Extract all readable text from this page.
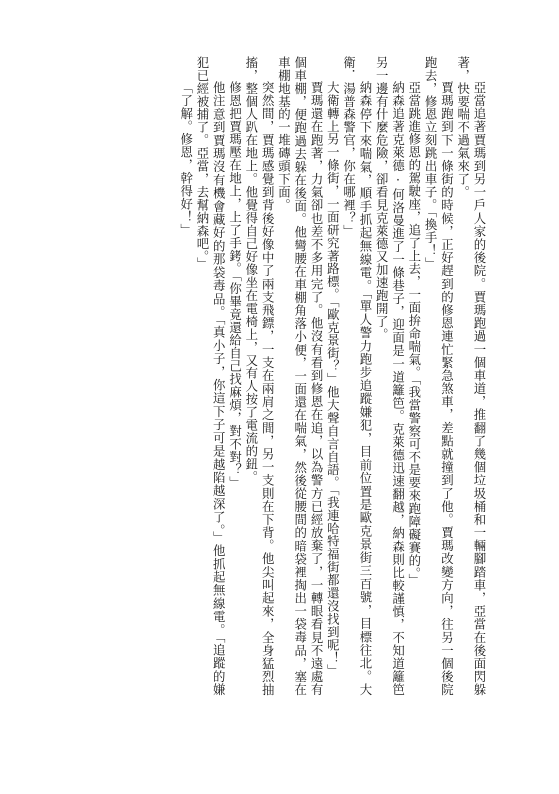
亞當追著賈瑪到另一戶人家的後院。賈瑪跑過一個車道，推翻了幾個垃圾桶和一輛腳踏車，亞當在後面閃躲著，快要喘不過氣來了。

賈瑪跑到下一條街的時候，正好趕到的修恩連忙緊急煞車，差點就撞到了他。賈瑪改變方向，往另一個後院跑去，修恩立刻跳出車子。「換手！」

亞當跳進修恩的駕駛座，追了上去，一面拚命喘氣。「我當警察可不是要來跑障礙賽的。」

納森追著克萊德‧何洛曼進了一條巷子，迎面是一道籬笆。克萊德迅速翻越，納森則比較謹慎，不知道籬笆另一邊有什麼危險，卻看見克萊德又加速跑開了。

納森停下來喘氣，順手抓起無線電。「單人警力跑步追蹤嫌犯，目前位置是歐克景街三百號，目標往北。大衛．湯普森警官，你在哪裡？」

大衛轉上另一條街，一面研究著路標。「歐克景街？」他大聲自言自語。「我連哈特福街都還沒找到呢！」

賈瑪還在跑著，力氣卻也差不多用完了。他沒有看到修恩在追，以為警方已經放棄了，一轉眼看見不遠處有個車棚，便跑過去躲在後面。他彎腰在車棚角落小便，一面還在喘氣，然後從腰間的暗袋裡掏出一袋毒品，塞在車棚地基的一堆磚頭下面。

突然間，賈瑪感覺到背後好像中了兩支飛鏢，一支在兩肩之間，另一支則在下背。他尖叫起來，全身猛烈抽搐，整個人趴在地上。他覺得自己好像坐在電椅上，又有人按了電流的鈕。

修恩把賈瑪壓在地上，上了手銬。「你畢竟還給自己找麻煩，對不對？」

他注意到賈瑪沒有機會藏好的那袋毒品。「真小子，你這下子可是越陷越深了。」他抓起無線電。「追蹤的嫌犯已經被捕了。亞當，去幫納森吧。」

「了解。修恩，幹得好！」
